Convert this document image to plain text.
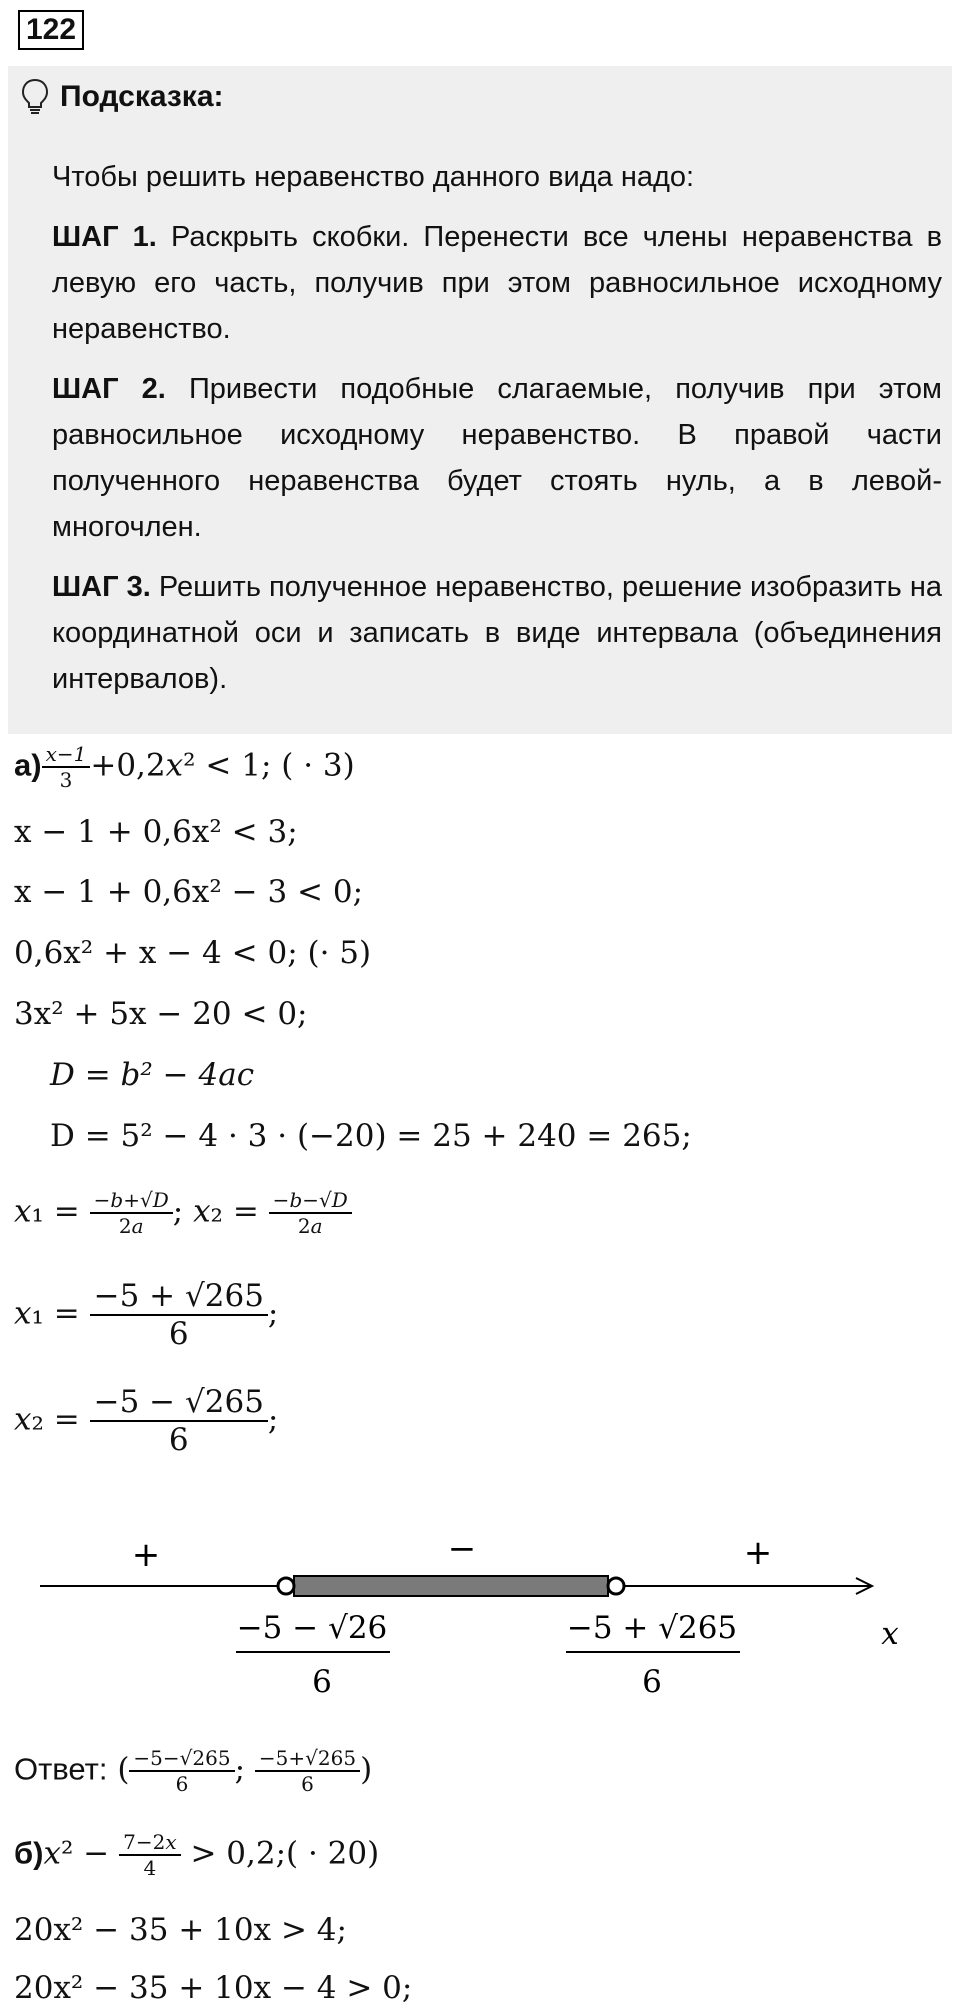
122
Подсказка:

Чтобы решить неравенство данного вида надо:

ШАГ 1. Раскрыть скобки. Перенести все члены неравенства в левую его часть, получив при этом равносильное исходному неравенство.

ШАГ 2. Привести подобные слагаемые, получив при этом равносильное исходному неравенство. В правой части полученного неравенства будет стоять нуль, а в левой- многочлен.

ШАГ 3. Решить полученное неравенство, решение изобразить на координатной оси и записать в виде интервала (объединения интервалов).

$а) \frac{x-1}{3} +0,2x^2 < 1$; ( · 3)
x − 1 + 0,6x² < 3;
x − 1 + 0,6x² − 3 < 0;
0,6x² + x − 4 < 0; (· 5)
3x² + 5x − 20 < 0;
D = b² − 4ac
D = 5² − 4 · 3 · (−20) = 25 + 240 = 265;
$x_1 = \frac{-b+√D}{2a}$ ; $x_2 = \frac{-b-√D}{2a}$
$x_1 = \frac{-5 + √265}{6}$ ;
$x_2 = \frac{-5 - √265}{6}$ ;
+	−	+
−5 − √26
6
−5 + √265
6
x
Ответ: ( $\frac{-5-√265}{6}$ ; $\frac{-5+√265}{6}$ )
$б)x^2 - \frac{7-2x}{4}$ > 0,2;( · 20)
20x² − 35 + 10x > 4;
20x² − 35 + 10x − 4 > 0;
